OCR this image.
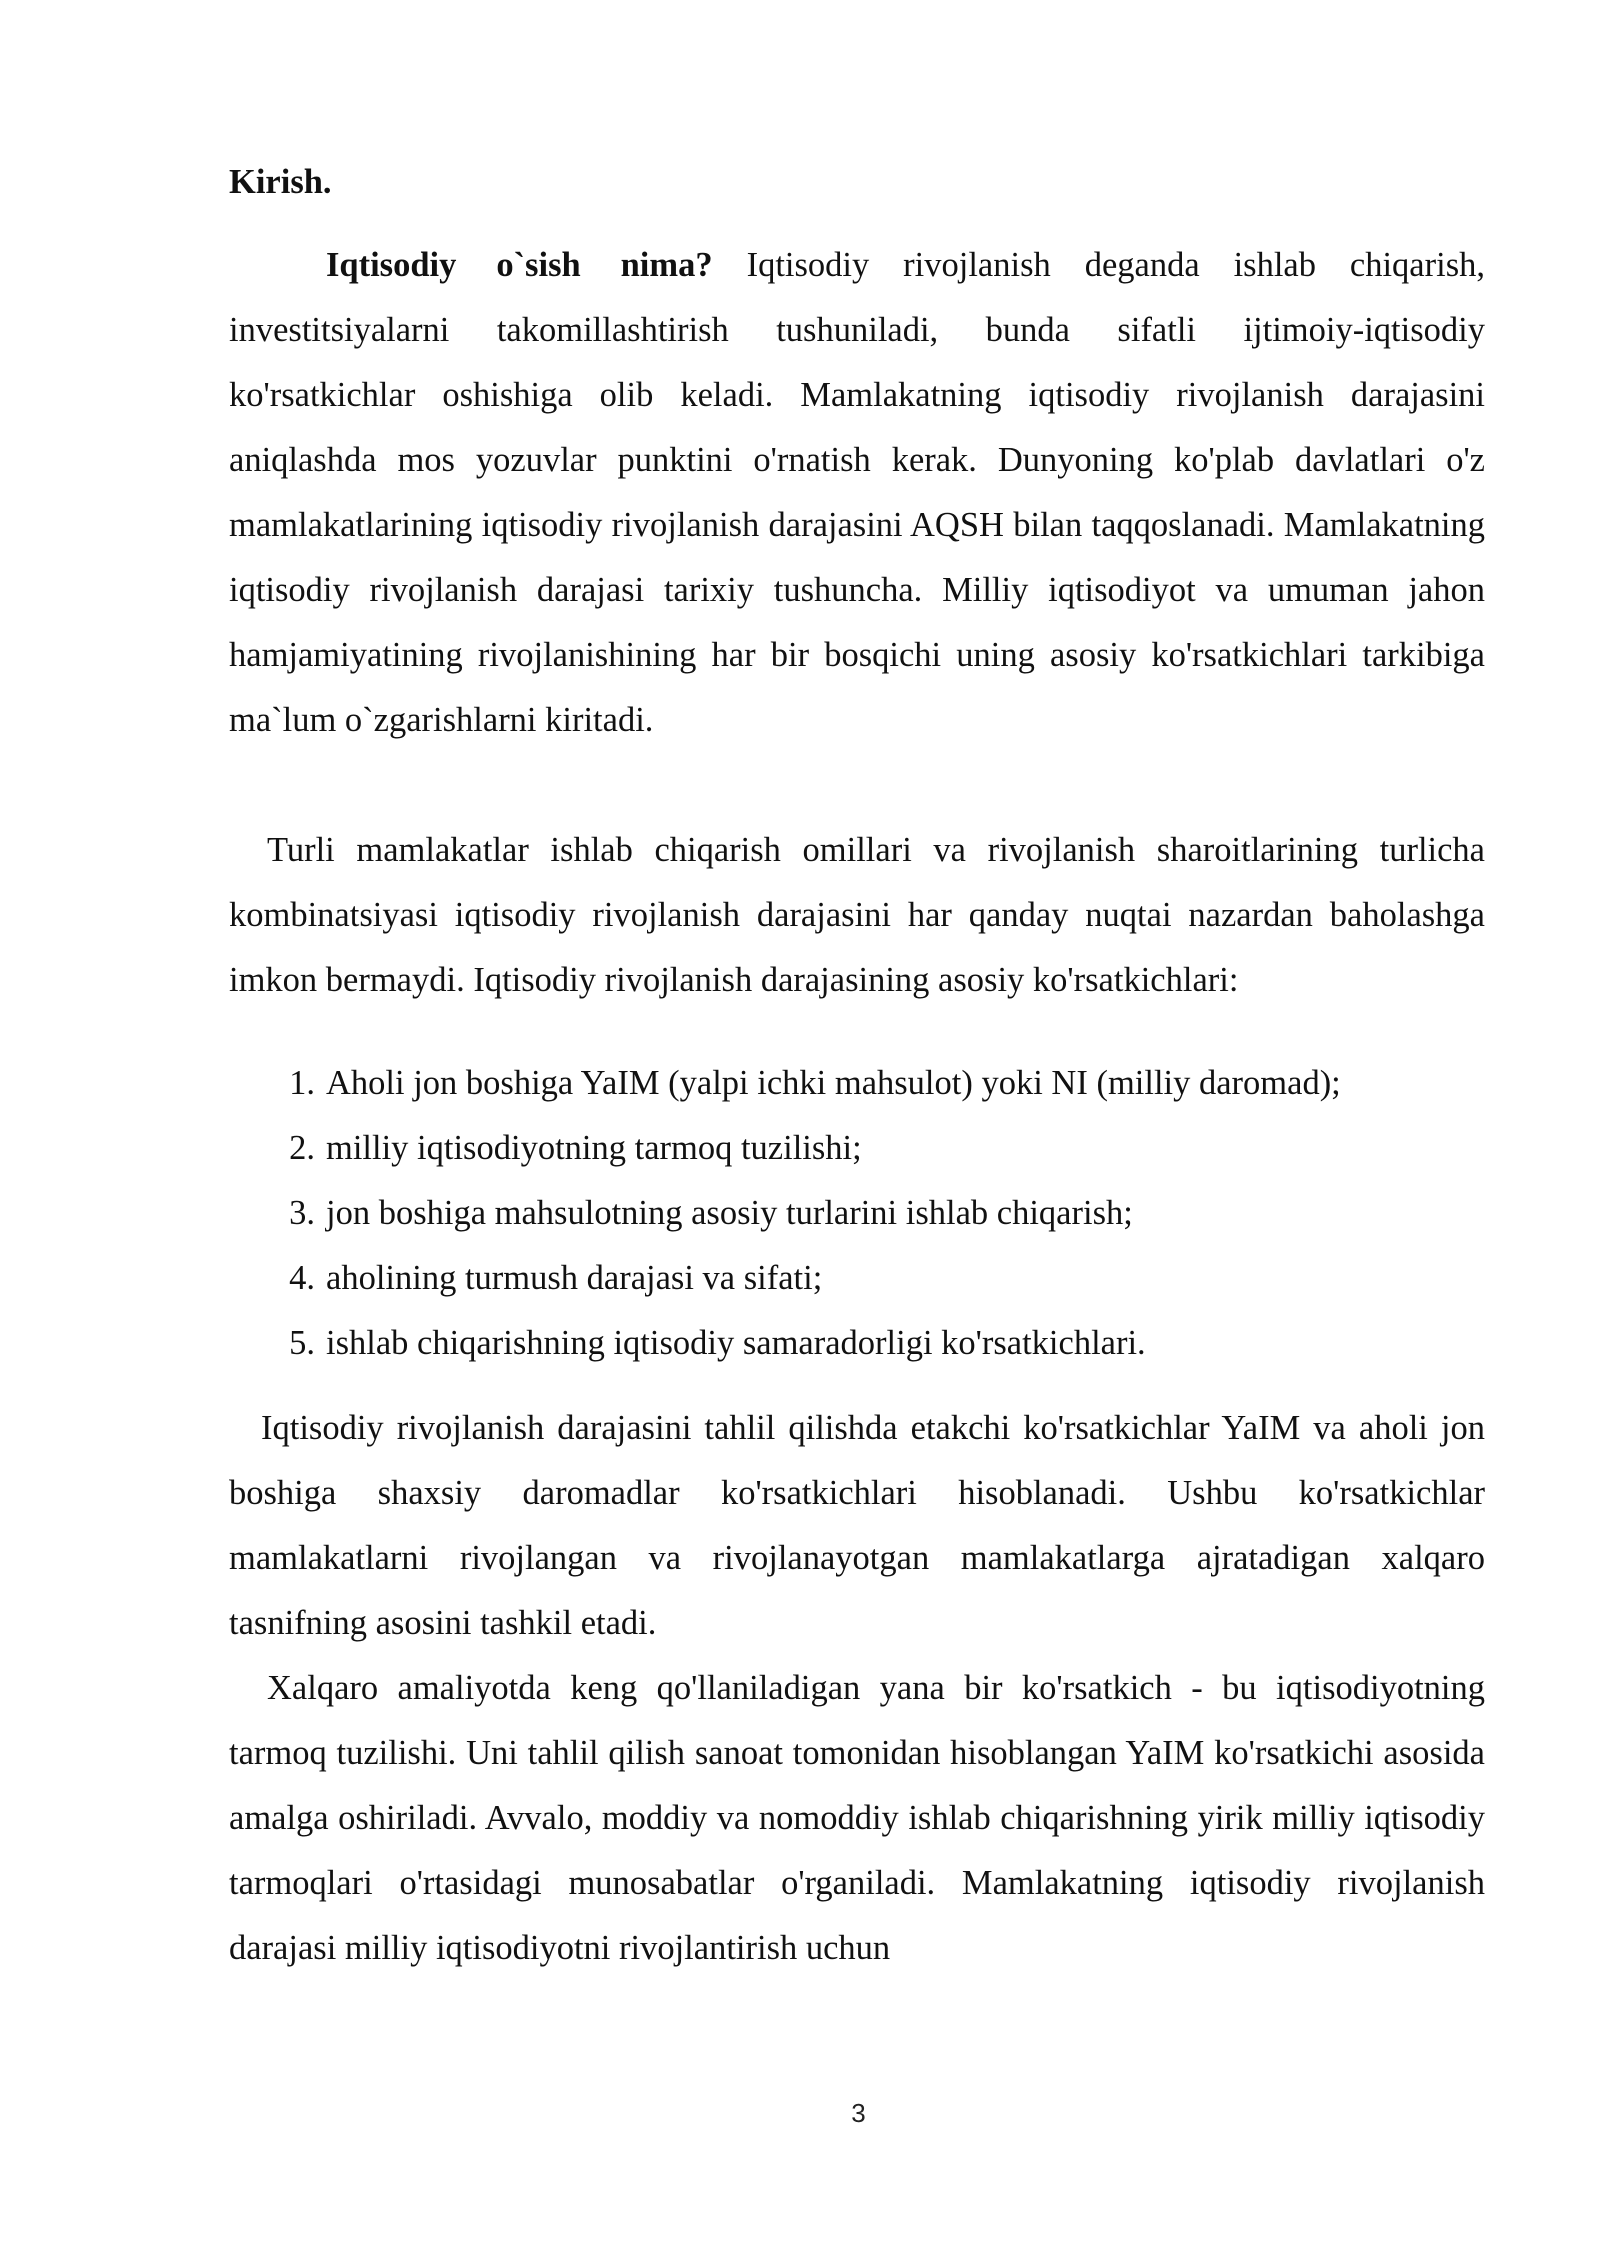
Kirish.

Iqtisodiy o`sish nima? Iqtisodiy rivojlanish deganda ishlab chiqarish, investitsiyalarni takomillashtirish tushuniladi, bunda sifatli ijtimoiy-iqtisodiy ko'rsatkichlar oshishiga olib keladi. Mamlakatning iqtisodiy rivojlanish darajasini aniqlashda mos yozuvlar punktini o'rnatish kerak. Dunyoning ko'plab davlatlari o'z mamlakatlarining iqtisodiy rivojlanish darajasini AQSH bilan taqqoslanadi. Mamlakatning iqtisodiy rivojlanish darajasi tarixiy tushuncha. Milliy iqtisodiyot va umuman jahon hamjamiyatining rivojlanishining har bir bosqichi uning asosiy ko'rsatkichlari tarkibiga ma`lum o`zgarishlarni kiritadi.

Turli mamlakatlar ishlab chiqarish omillari va rivojlanish sharoitlarining turlicha kombinatsiyasi iqtisodiy rivojlanish darajasini har qanday nuqtai nazardan baholashga imkon bermaydi. Iqtisodiy rivojlanish darajasining asosiy ko'rsatkichlari:

1. Aholi jon boshiga YaIM (yalpi ichki mahsulot) yoki NI (milliy daromad);
2. milliy iqtisodiyotning tarmoq tuzilishi;
3. jon boshiga mahsulotning asosiy turlarini ishlab chiqarish;
4. aholining turmush darajasi va sifati;
5. ishlab chiqarishning iqtisodiy samaradorligi ko'rsatkichlari.

Iqtisodiy rivojlanish darajasini tahlil qilishda etakchi ko'rsatkichlar YaIM va aholi jon boshiga shaxsiy daromadlar ko'rsatkichlari hisoblanadi. Ushbu ko'rsatkichlar mamlakatlarni rivojlangan va rivojlanayotgan mamlakatlarga ajratadigan xalqaro tasnifning asosini tashkil etadi.

Xalqaro amaliyotda keng qo'llaniladigan yana bir ko'rsatkich - bu iqtisodiyotning tarmoq tuzilishi. Uni tahlil qilish sanoat tomonidan hisoblangan YaIM ko'rsatkichi asosida amalga oshiriladi. Avvalo, moddiy va nomoddiy ishlab chiqarishning yirik milliy iqtisodiy tarmoqlari o'rtasidagi munosabatlar o'rganiladi. Mamlakatning iqtisodiy rivojlanish darajasi milliy iqtisodiyotni rivojlantirish uchun

3
